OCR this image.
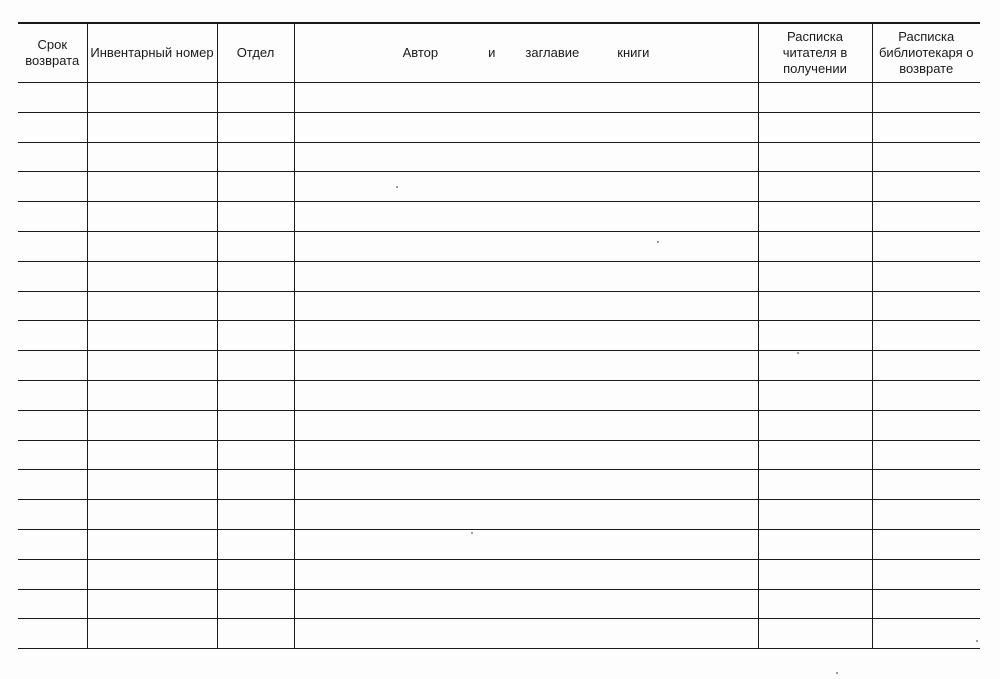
Срок возврата	Инвентарный номер	Отдел	Автор и заглавие книги	Расписка читателя в получении	Расписка библиотекаря о возврате
